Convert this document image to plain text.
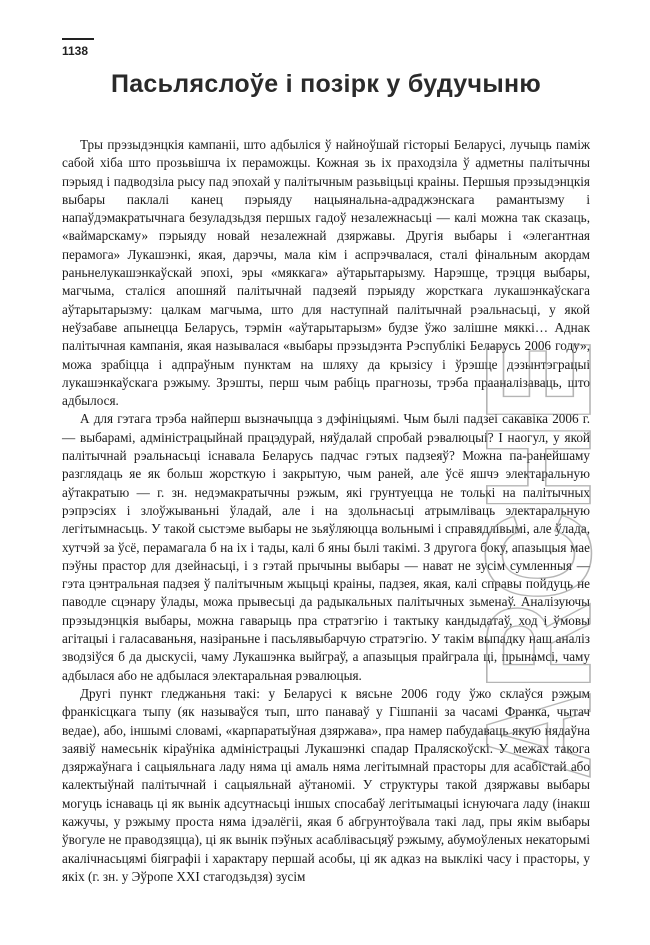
1138
Пасьляслоўе і позірк у будучыню

Тры прэзыдэнцкія кампаніі, што адбыліся ў найноўшай гісторыі Беларусі, лучыць паміж сабой хіба што прозьвішча іх пераможцы. Кожная зь іх праходзіла ў адметны палітычны пэрыяд і падводзіла рысу пад эпохай у палітычным разьвіцьці краіны. Першыя прэзыдэнцкія выбары паклалі канец пэрыяду нацыянальна-адраджэнскага рамантызму і напаўдэмакратычнага безуладзьдзя першых гадоў незалежнасьці — калі можна так сказаць, «ваймарскаму» пэрыяду новай незалежнай дзяржавы. Другія выбары і «элегантная перамога» Лукашэнкі, якая, дарэчы, мала кім і аспрэчвалася, сталі фінальным акордам раньнелукашэнкаўскай эпохі, эры «мяккага» аўтарытарызму. Нарэшце, трэцця выбары, магчыма, сталіся апошняй палітычнай падзеяй пэрыяду жорсткага лукашэнкаўскага аўтарытарызму: цалкам магчыма, што для наступнай палітычнай рэальнасьці, у якой неўзабаве апынецца Беларусь, тэрмін «аўтарытарызм» будзе ўжо залішне мяккі… Аднак палітычная кампанія, якая называлася «выбары прэзыдэнта Рэспублікі Беларусь 2006 году», можа зрабіцца і адпраўным пунктам на шляху да крызісу і ўрэшце дэзынтэграцыі лукашэнкаўскага рэжыму. Зрэшты, перш чым рабіць прагнозы, трэба прааналізаваць, што адбылося.

А для гэтага трэба найперш вызначыцца з дэфініцыямі. Чым былі падзеі сакавіка 2006 г. — выбарамі, адміністрацыйнай працэдурай, няўдалай спробай рэвалюцыі? І наогул, у якой палітычнай рэальнасьці існавала Беларусь падчас гэтых падзеяў? Можна па-ранейшаму разглядаць яе як больш жорсткую і закрытую, чым раней, але ўсё яшчэ электаральную аўтакратыю — г. зн. недэмакратычны рэжым, які грунтуецца не толькі на палітычных рэпрэсіях і злоўжываньні ўладай, але і на здольнасьці атрымліваць электаральную легітымнасьць. У такой сыстэме выбары не зьяўляюцца вольнымі і справядлівымі, але ўлада, хутчэй за ўсё, перамагала б на іх і тады, калі б яны былі такімі. З другога боку, апазыцыя мае пэўны прастор для дзейнасьці, і з гэтай прычыны выбары — нават не зусім сумленныя — гэта цэнтральная падзея ў палітычным жыцьці краіны, падзея, якая, калі справы пойдуць не паводле сцэнару ўлады, можа прывесьці да радыкальных палітычных зьменаў. Аналізуючы прэзыдэнцкія выбары, можна гаварыць пра стратэгію і тактыку кандыдатаў, ход і ўмовы агітацыі і галасаваньня, назіраньне і пасьлявыбарчую стратэгію. У такім выпадку наш аналіз зводзіўся б да дыскусіі, чаму Лукашэнка выйграў, а апазыцыя прайграла ці, прынамсі, чаму адбылася або не адбылася электаральная рэвалюцыя.

Другі пункт гледжаньня такі: у Беларусі к вясьне 2006 году ўжо склаўся рэжым франкісцкага тыпу (як называўся тып, што панаваў у Гішпаніі за часамі Франка, чытач ведае), або, іншымі словамі, «карпаратыўная дзяржава», пра намер пабудаваць якую нядаўна заявіў намесьнік кіраўніка адміністрацыі Лукашэнкі спадар Праляскоўскі. У межах такога дзяржаўнага і сацыяльнага ладу няма ці амаль няма легітымнай прасторы для асабістай або калектыўнай палітычнай і сацыяльнай аўтаноміі. У структуры такой дзяржавы выбары могуць існаваць ці як вынік адсутнасьці іншых спосабаў легітымацыі існуючага ладу (інакш кажучы, у рэжыму проста няма ідэалёгіі, якая б абгрунтоўвала такі лад, пры якім выбары ўвогуле не праводзяцца), ці як вынік пэўных асаблівасьцяў рэжыму, абумоўленых некаторымі акалічнасьцямі біяграфіі і характару першай асобы, ці як адказ на выклікі часу і прасторы, у якіх (г. зн. у Эўропе XXI стагодзьдзя) зусім

ARCHE
